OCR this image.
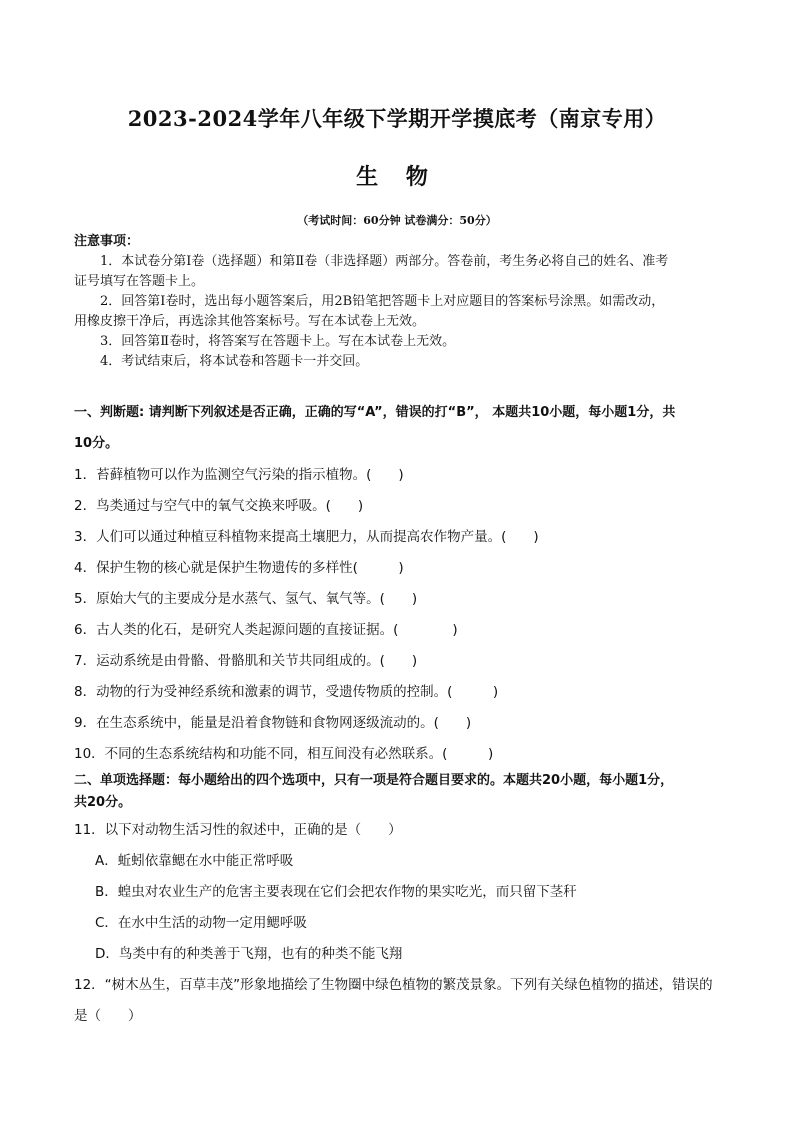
2023-2024学年八年级下学期开学摸底考（南京专用）
生 物
（考试时间：60分钟 试卷满分：50分）
注意事项：

1．本试卷分第Ⅰ卷（选择题）和第Ⅱ卷（非选择题）两部分。答卷前，考生务必将自己的姓名、准考

证号填写在答题卡上。

2．回答第Ⅰ卷时，选出每小题答案后，用2B铅笔把答题卡上对应题目的答案标号涂黑。如需改动，

用橡皮擦干净后，再选涂其他答案标号。写在本试卷上无效。

3．回答第Ⅱ卷时，将答案写在答题卡上。写在本试卷上无效。

4．考试结束后，将本试卷和答题卡一并交回。

一、判断题: 请判断下列叙述是否正确，正确的写“A”，错误的打“B”， 本题共10小题，每小题1分，共
10分。
1．苔藓植物可以作为监测空气污染的指示植物。(　　)
2．鸟类通过与空气中的氧气交换来呼吸。(　　)
3．人们可以通过种植豆科植物来提高土壤肥力，从而提高农作物产量。(　　)
4．保护生物的核心就是保护生物遗传的多样性(　　　)
5．原始大气的主要成分是水蒸气、氢气、氧气等。(　　)
6．古人类的化石，是研究人类起源问题的直接证据。(　　　　)
7．运动系统是由骨骼、骨骼肌和关节共同组成的。(　　)
8．动物的行为受神经系统和激素的调节，受遗传物质的控制。(　　　)
9．在生态系统中，能量是沿着食物链和食物网逐级流动的。(　　)
10．不同的生态系统结构和功能不同，相互间没有必然联系。(　　　)
二、单项选择题：每小题给出的四个选项中，只有一项是符合题目要求的。本题共20小题，每小题1分，
共20分。
11．以下对动物生活习性的叙述中，正确的是（　　）
A．蚯蚓依靠鳃在水中能正常呼吸
B．蝗虫对农业生产的危害主要表现在它们会把农作物的果实吃光，而只留下茎秆
C．在水中生活的动物一定用鳃呼吸
D．鸟类中有的种类善于飞翔，也有的种类不能飞翔
12．“树木丛生，百草丰茂”形象地描绘了生物圈中绿色植物的繁茂景象。下列有关绿色植物的描述，错误的
是（　　）
